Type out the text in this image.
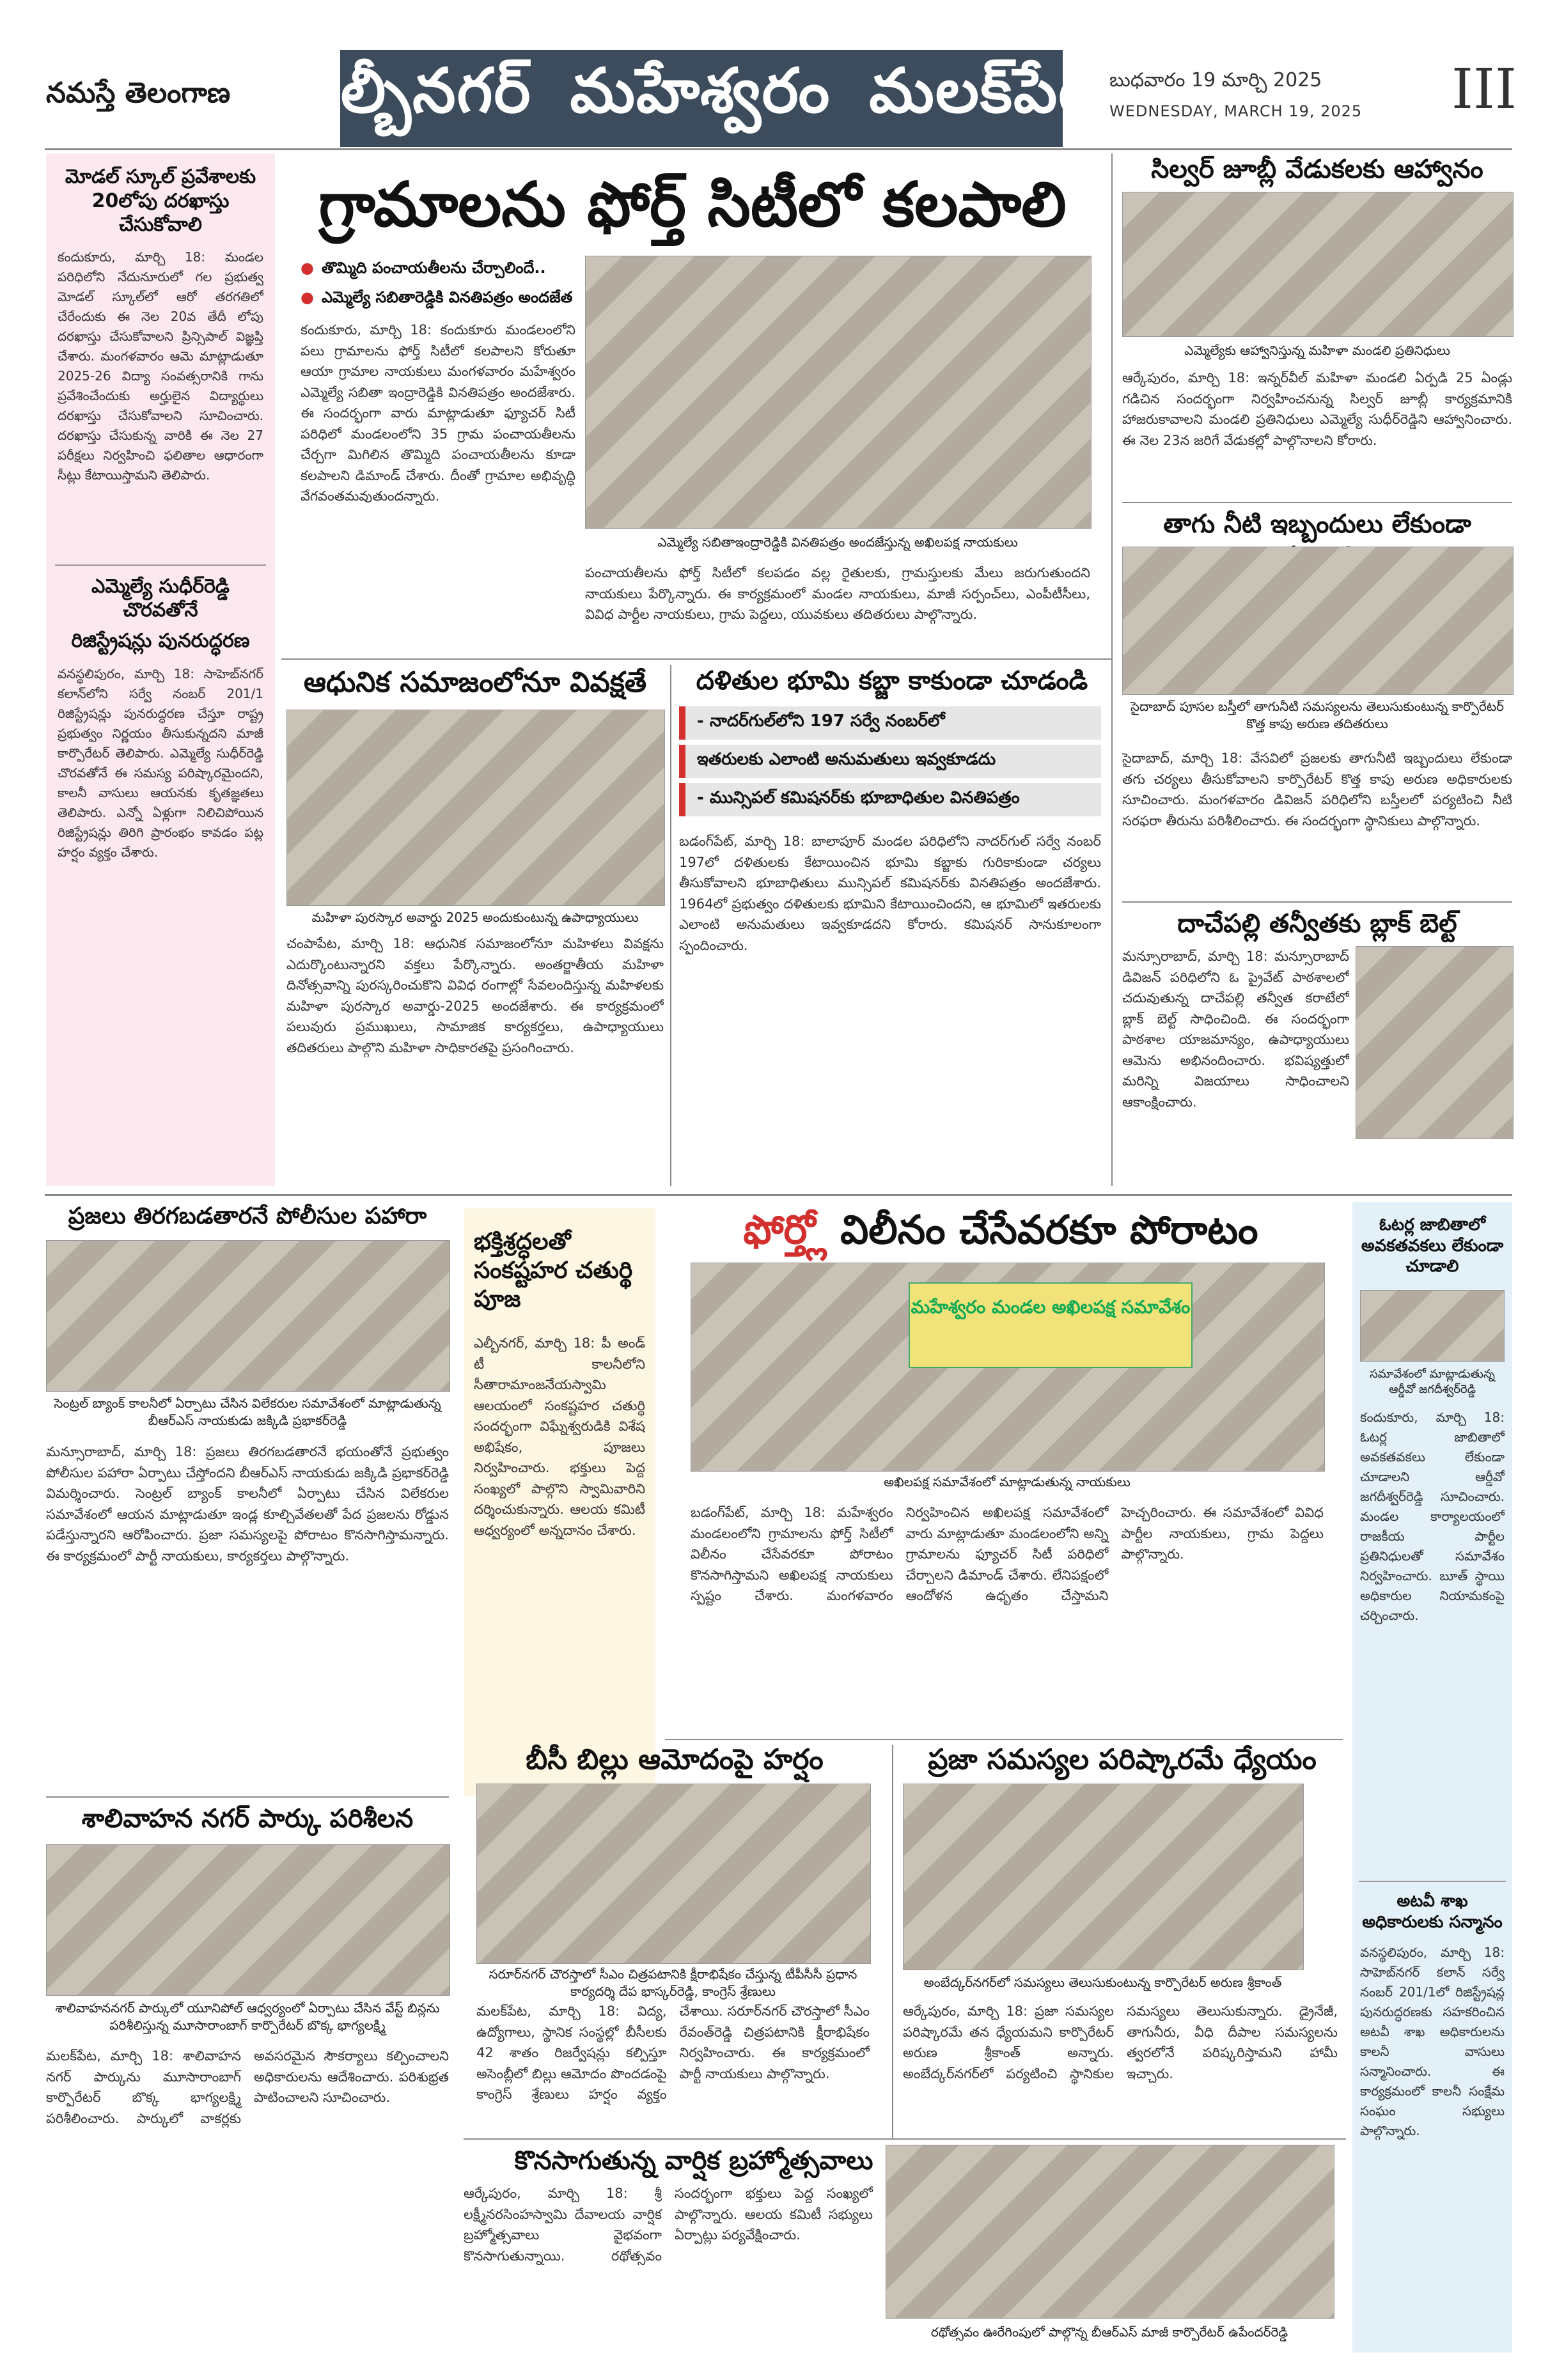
నమస్తే తెలంగాణ	ఎల్బీనగర్ మహేశ్వరం మలక్‌పేట బుధవారం 19 మార్చి 2025
WEDNESDAY, MARCH 19, 2025 III
మోడల్ స్కూల్ ప్రవేశాలకు 20లోపు దరఖాస్తు చేసుకోవాలి
కందుకూరు, మార్చి 18: మండల పరిధిలోని నేదునూరులో గల ప్రభుత్వ మోడల్ స్కూల్‌లో ఆరో తరగతిలో చేరేందుకు ఈ నెల 20వ తేదీ లోపు దరఖాస్తు చేసుకోవాలని ప్రిన్సిపాల్ విజ్ఞప్తి చేశారు. మంగళవారం ఆమె మాట్లాడుతూ 2025-26 విద్యా సంవత్సరానికి గాను ప్రవేశించేందుకు అర్హులైన విద్యార్థులు దరఖాస్తు చేసుకోవాలని సూచించారు. దరఖాస్తు చేసుకున్న వారికి ఈ నెల 27 పరీక్షలు నిర్వహించి ఫలితాల ఆధారంగా సీట్లు కేటాయిస్తామని తెలిపారు.
ఎమ్మెల్యే సుధీర్‌రెడ్డి చొరవతోనే
రిజిస్ట్రేషన్లు పునరుద్ధరణ
వనస్థలిపురం, మార్చి 18: సాహెబ్‌నగర్ కలాన్‌లోని సర్వే నంబర్ 201/1 రిజిస్ట్రేషన్లు పునరుద్ధరణ చేస్తూ రాష్ట్ర ప్రభుత్వం నిర్ణయం తీసుకున్నదని మాజీ కార్పొరేటర్ తెలిపారు. ఎమ్మెల్యే సుధీర్‌రెడ్డి చొరవతోనే ఈ సమస్య పరిష్కారమైందని, కాలనీ వాసులు ఆయనకు కృతజ్ఞతలు తెలిపారు. ఎన్నో ఏళ్లుగా నిలిచిపోయిన రిజిస్ట్రేషన్లు తిరిగి ప్రారంభం కావడం పట్ల హర్షం వ్యక్తం చేశారు.
గ్రామాలను ఫోర్త్ సిటీలో కలపాలి
● తొమ్మిది పంచాయతీలను చేర్చాలిందే..
● ఎమ్మెల్యే సబితారెడ్డికి వినతిపత్రం అందజేత
కందుకూరు, మార్చి 18: కందుకూరు మండలంలోని పలు గ్రామాలను ఫోర్త్ సిటీలో కలపాలని కోరుతూ ఆయా గ్రామాల నాయకులు మంగళవారం మహేశ్వరం ఎమ్మెల్యే సబితా ఇంద్రారెడ్డికి వినతిపత్రం అందజేశారు. ఈ సందర్భంగా వారు మాట్లాడుతూ ఫ్యూచర్ సిటీ పరిధిలో మండలంలోని 35 గ్రామ పంచాయతీలను చేర్చగా మిగిలిన తొమ్మిది పంచాయతీలను కూడా కలపాలని డిమాండ్ చేశారు. దీంతో గ్రామాల అభివృద్ధి వేగవంతమవుతుందన్నారు.
ఎమ్మెల్యే సబితాఇంద్రారెడ్డికి వినతిపత్రం అందజేస్తున్న అఖిలపక్ష నాయకులు
పంచాయతీలను ఫోర్త్ సిటీలో కలపడం వల్ల రైతులకు, గ్రామస్తులకు మేలు జరుగుతుందని నాయకులు పేర్కొన్నారు. ఈ కార్యక్రమంలో మండల నాయకులు, మాజీ సర్పంచ్‌లు, ఎంపీటీసీలు, వివిధ పార్టీల నాయకులు, గ్రామ పెద్దలు, యువకులు తదితరులు పాల్గొన్నారు.
సిల్వర్ జూబ్లీ వేడుకలకు ఆహ్వానం
ఎమ్మెల్యేకు ఆహ్వానిస్తున్న మహిళా మండలి ప్రతినిధులు
ఆర్కేపురం, మార్చి 18: ఇన్నర్‌వీల్ మహిళా మండలి ఏర్పడి 25 ఏండ్లు గడిచిన సందర్భంగా నిర్వహించనున్న సిల్వర్ జూబ్లీ కార్యక్రమానికి హాజరుకావాలని మండలి ప్రతినిధులు ఎమ్మెల్యే సుధీర్‌రెడ్డిని ఆహ్వానించారు. ఈ నెల 23న జరిగే వేడుకల్లో పాల్గొనాలని కోరారు.
తాగు నీటి ఇబ్బందులు లేకుండా
సైదాబాద్ పూసల బస్తీలో తాగునీటి సమస్యలను తెలుసుకుంటున్న కార్పొరేటర్ కొత్త కాపు అరుణ తదితరులు
సైదాబాద్, మార్చి 18: వేసవిలో ప్రజలకు తాగునీటి ఇబ్బందులు లేకుండా తగు చర్యలు తీసుకోవాలని కార్పొరేటర్ కొత్త కాపు అరుణ అధికారులకు సూచించారు. మంగళవారం డివిజన్ పరిధిలోని బస్తీలలో పర్యటించి నీటి సరఫరా తీరును పరిశీలించారు. ఈ సందర్భంగా స్థానికులు పాల్గొన్నారు.
దాచేపల్లి తన్వీతకు బ్లాక్ బెల్ట్
మన్సూరాబాద్, మార్చి 18: మన్సూరాబాద్ డివిజన్ పరిధిలోని ఓ ప్రైవేట్ పాఠశాలలో చదువుతున్న దాచేపల్లి తన్వీత కరాటేలో బ్లాక్ బెల్ట్ సాధించింది. ఈ సందర్భంగా పాఠశాల యాజమాన్యం, ఉపాధ్యాయులు ఆమెను అభినందించారు. భవిష్యత్తులో మరిన్ని విజయాలు సాధించాలని ఆకాంక్షించారు.
ఆధునిక సమాజంలోనూ వివక్షతే
మహిళా పురస్కార అవార్డు 2025 అందుకుంటున్న ఉపాధ్యాయులు
చంపాపేట, మార్చి 18: ఆధునిక సమాజంలోనూ మహిళలు వివక్షను ఎదుర్కొంటున్నారని వక్తలు పేర్కొన్నారు. అంతర్జాతీయ మహిళా దినోత్సవాన్ని పురస్కరించుకొని వివిధ రంగాల్లో సేవలందిస్తున్న మహిళలకు మహిళా పురస్కార అవార్డు-2025 అందజేశారు. ఈ కార్యక్రమంలో పలువురు ప్రముఖులు, సామాజిక కార్యకర్తలు, ఉపాధ్యాయులు తదితరులు పాల్గొని మహిళా సాధికారతపై ప్రసంగించారు.
దళితుల భూమి కబ్జా కాకుండా చూడండి
- నాదర్‌గుల్‌లోని 197 సర్వే నంబర్‌లో
ఇతరులకు ఎలాంటి అనుమతులు ఇవ్వకూడదు
- మున్సిపల్ కమిషనర్‌కు భూబాధితుల వినతిపత్రం
బడంగ్‌పేట్, మార్చి 18: బాలాపూర్ మండల పరిధిలోని నాదర్‌గుల్ సర్వే నంబర్ 197లో దళితులకు కేటాయించిన భూమి కబ్జాకు గురికాకుండా చర్యలు తీసుకోవాలని భూబాధితులు మున్సిపల్ కమిషనర్‌కు వినతిపత్రం అందజేశారు. 1964లో ప్రభుత్వం దళితులకు భూమిని కేటాయించిందని, ఆ భూమిలో ఇతరులకు ఎలాంటి అనుమతులు ఇవ్వకూడదని కోరారు. కమిషనర్ సానుకూలంగా స్పందించారు.
ప్రజలు తిరగబడతారనే పోలీసుల పహారా
సెంట్రల్ బ్యాంక్ కాలనీలో ఏర్పాటు చేసిన విలేకరుల సమావేశంలో మాట్లాడుతున్న బీఆర్ఎస్ నాయకుడు జక్కిడి ప్రభాకర్‌రెడ్డి
మన్సూరాబాద్, మార్చి 18: ప్రజలు తిరగబడతారనే భయంతోనే ప్రభుత్వం పోలీసుల పహారా ఏర్పాటు చేస్తోందని బీఆర్ఎస్ నాయకుడు జక్కిడి ప్రభాకర్‌రెడ్డి విమర్శించారు. సెంట్రల్ బ్యాంక్ కాలనీలో ఏర్పాటు చేసిన విలేకరుల సమావేశంలో ఆయన మాట్లాడుతూ ఇండ్ల కూల్చివేతలతో పేద ప్రజలను రోడ్డున పడేస్తున్నారని ఆరోపించారు. ప్రజా సమస్యలపై పోరాటం కొనసాగిస్తామన్నారు. ఈ కార్యక్రమంలో పార్టీ నాయకులు, కార్యకర్తలు పాల్గొన్నారు.
భక్తిశ్రద్ధలతో సంకష్టహర చతుర్థి పూజ
ఎల్బీనగర్, మార్చి 18: పీ అండ్ టీ కాలనీలోని సీతారామాంజనేయస్వామి ఆలయంలో సంకష్టహర చతుర్థి సందర్భంగా విఘ్నేశ్వరుడికి విశేష అభిషేకం, పూజలు నిర్వహించారు. భక్తులు పెద్ద సంఖ్యలో పాల్గొని స్వామివారిని దర్శించుకున్నారు. ఆలయ కమిటీ ఆధ్వర్యంలో అన్నదానం చేశారు.
ఫోర్త్లో విలీనం చేసేవరకూ పోరాటం
మహేశ్వరం మండల అఖిలపక్ష సమావేశం
అఖిలపక్ష సమావేశంలో మాట్లాడుతున్న నాయకులు
బడంగ్‌పేట్, మార్చి 18: మహేశ్వరం మండలంలోని గ్రామాలను ఫోర్త్ సిటీలో విలీనం చేసేవరకూ పోరాటం కొనసాగిస్తామని అఖిలపక్ష నాయకులు స్పష్టం చేశారు. మంగళవారం నిర్వహించిన అఖిలపక్ష సమావేశంలో వారు మాట్లాడుతూ మండలంలోని అన్ని గ్రామాలను ఫ్యూచర్ సిటీ పరిధిలో చేర్చాలని డిమాండ్ చేశారు. లేనిపక్షంలో ఆందోళన ఉధృతం చేస్తామని హెచ్చరించారు. ఈ సమావేశంలో వివిధ పార్టీల నాయకులు, గ్రామ పెద్దలు పాల్గొన్నారు.
బీసీ బిల్లు ఆమోదంపై హర్షం
సరూర్‌నగర్ చౌరస్తాలో సీఎం చిత్రపటానికి క్షీరాభిషేకం చేస్తున్న టీపీసీసీ ప్రధాన కార్యదర్శి దేప భాస్కర్‌రెడ్డి, కాంగ్రెస్ శ్రేణులు
మలక్‌పేట, మార్చి 18: విద్య, ఉద్యోగాలు, స్థానిక సంస్థల్లో బీసీలకు 42 శాతం రిజర్వేషన్లు కల్పిస్తూ అసెంబ్లీలో బిల్లు ఆమోదం పొందడంపై కాంగ్రెస్ శ్రేణులు హర్షం వ్యక్తం చేశాయి. సరూర్‌నగర్ చౌరస్తాలో సీఎం రేవంత్‌రెడ్డి చిత్రపటానికి క్షీరాభిషేకం నిర్వహించారు. ఈ కార్యక్రమంలో పార్టీ నాయకులు పాల్గొన్నారు.
ప్రజా సమస్యల పరిష్కారమే ధ్యేయం
అంబేద్కర్‌నగర్‌లో సమస్యలు తెలుసుకుంటున్న కార్పొరేటర్ అరుణ శ్రీకాంత్
ఆర్కేపురం, మార్చి 18: ప్రజా సమస్యల పరిష్కారమే తన ధ్యేయమని కార్పొరేటర్ అరుణ శ్రీకాంత్ అన్నారు. అంబేద్కర్‌నగర్‌లో పర్యటించి స్థానికుల సమస్యలు తెలుసుకున్నారు. డ్రైనేజీ, తాగునీరు, వీధి దీపాల సమస్యలను త్వరలోనే పరిష్కరిస్తామని హామీ ఇచ్చారు.
శాలివాహన నగర్ పార్కు పరిశీలన
శాలివాహననగర్ పార్కులో యూనిపోల్ ఆధ్వర్యంలో ఏర్పాటు చేసిన వేస్ట్ బిన్లను పరిశీలిస్తున్న మూసారాంబాగ్ కార్పొరేటర్ బొక్క భాగ్యలక్ష్మి
మలక్‌పేట, మార్చి 18: శాలివాహన నగర్ పార్కును మూసారాంబాగ్ కార్పొరేటర్ బొక్క భాగ్యలక్ష్మి పరిశీలించారు. పార్కులో వాకర్లకు అవసరమైన సౌకర్యాలు కల్పించాలని అధికారులను ఆదేశించారు. పరిశుభ్రత పాటించాలని సూచించారు.
కొనసాగుతున్న వార్షిక బ్రహ్మోత్సవాలు
ఆర్కేపురం, మార్చి 18: శ్రీ లక్ష్మీనరసింహస్వామి దేవాలయ వార్షిక బ్రహ్మోత్సవాలు వైభవంగా కొనసాగుతున్నాయి. రథోత్సవం సందర్భంగా భక్తులు పెద్ద సంఖ్యలో పాల్గొన్నారు. ఆలయ కమిటీ సభ్యులు ఏర్పాట్లు పర్యవేక్షించారు.
రథోత్సవం ఊరేగింపులో పాల్గొన్న బీఆర్ఎస్ మాజీ కార్పొరేటర్ ఉపేందర్‌రెడ్డి
ఓటర్ల జాబితాలో అవకతవకలు లేకుండా చూడాలి
సమావేశంలో మాట్లాడుతున్న ఆర్డీవో జగదీశ్వర్‌రెడ్డి
కందుకూరు, మార్చి 18: ఓటర్ల జాబితాలో అవకతవకలు లేకుండా చూడాలని ఆర్డీవో జగదీశ్వర్‌రెడ్డి సూచించారు. మండల కార్యాలయంలో రాజకీయ పార్టీల ప్రతినిధులతో సమావేశం నిర్వహించారు. బూత్ స్థాయి అధికారుల నియామకంపై చర్చించారు.
అటవీ శాఖ అధికారులకు సన్మానం
వనస్థలిపురం, మార్చి 18: సాహెబ్‌నగర్ కలాన్ సర్వే నంబర్ 201/1లో రిజిస్ట్రేషన్ల పునరుద్ధరణకు సహకరించిన అటవీ శాఖ అధికారులను కాలనీ వాసులు సన్మానించారు. ఈ కార్యక్రమంలో కాలనీ సంక్షేమ సంఘం సభ్యులు పాల్గొన్నారు.
